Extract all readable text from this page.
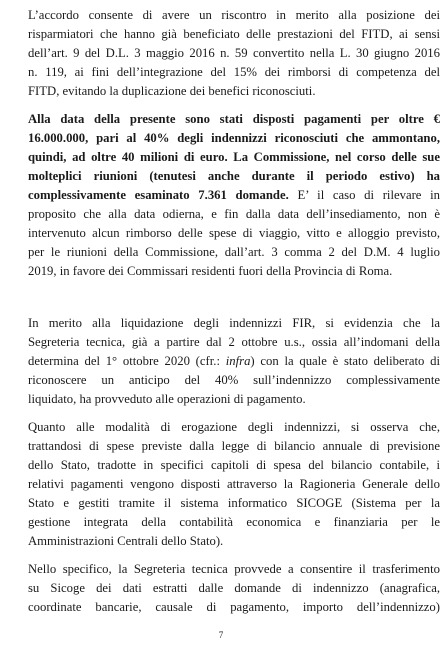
L’accordo consente di avere un riscontro in merito alla posizione dei
risparmiatori che hanno già beneficiato delle prestazioni del FITD, ai sensi
dell’art. 9 del D.L. 3 maggio 2016 n. 59 convertito nella L. 30 giugno 2016
n. 119, ai fini dell’integrazione del 15% dei rimborsi di competenza del
FITD, evitando la duplicazione dei benefici riconosciuti.

Alla data della presente sono stati disposti pagamenti per oltre €
16.000.000, pari al 40% degli indennizzi riconosciuti che ammontano,
quindi, ad oltre 40 milioni di euro. La Commissione, nel corso delle sue
molteplici riunioni (tenutesi anche durante il periodo estivo) ha
complessivamente esaminato 7.361 domande. E’ il caso di rilevare in
proposito che alla data odierna, e fin dalla data dell’insediamento, non è
intervenuto alcun rimborso delle spese di viaggio, vitto e alloggio previsto,
per le riunioni della Commissione, dall’art. 3 comma 2 del D.M. 4 luglio
2019, in favore dei Commissari residenti fuori della Provincia di Roma.

In merito alla liquidazione degli indennizzi FIR, si evidenzia che la
Segreteria tecnica, già a partire dal 2 ottobre u.s., ossia all’indomani della
determina del 1° ottobre 2020 (cfr.: infra) con la quale è stato deliberato di
riconoscere un anticipo del 40% sull’indennizzo complessivamente
liquidato, ha provveduto alle operazioni di pagamento.

Quanto alle modalità di erogazione degli indennizzi, si osserva che,
trattandosi di spese previste dalla legge di bilancio annuale di previsione
dello Stato, tradotte in specifici capitoli di spesa del bilancio contabile, i
relativi pagamenti vengono disposti attraverso la Ragioneria Generale dello
Stato e gestiti tramite il sistema informatico SICOGE (Sistema per la
gestione integrata della contabilità economica e finanziaria per le
Amministrazioni Centrali dello Stato).

Nello specifico, la Segreteria tecnica provvede a consentire il trasferimento
su Sicoge dei dati estratti dalle domande di indennizzo (anagrafica,
coordinate bancarie, causale di pagamento, importo dell’indennizzo)

7
